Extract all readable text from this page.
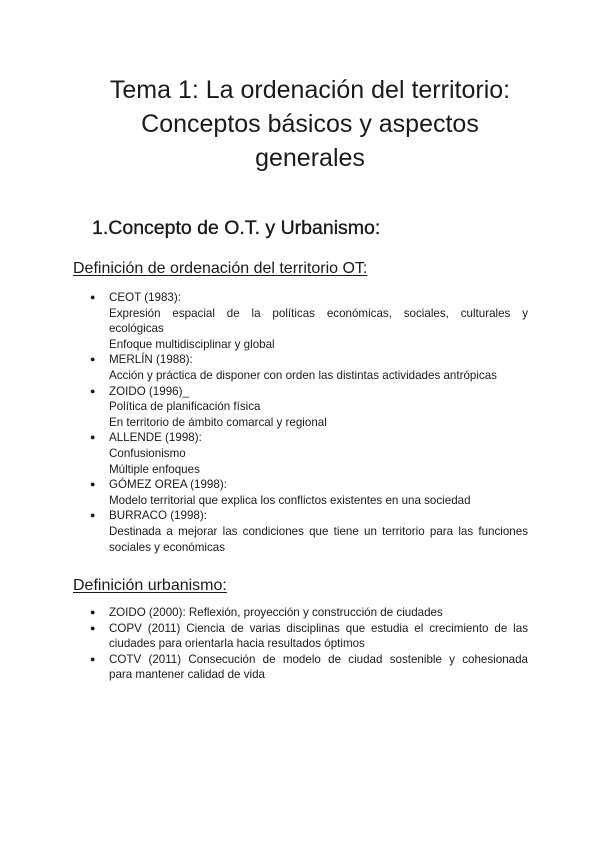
Tema 1: La ordenación del territorio:
Conceptos básicos y aspectos
generales
1.Concepto de O.T. y Urbanismo:
Definición de ordenación del territorio OT:
● CEOT (1983):
Expresión espacial de la políticas económicas, sociales, culturales y
ecológicas
Enfoque multidisciplinar y global
● MERLÍN (1988):
Acción y práctica de disponer con orden las distintas actividades antrópicas
● ZOIDO (1996)_
Política de planificación física
En territorio de ámbito comarcal y regional
● ALLENDE (1998):
Confusionismo
Múltiple enfoques
● GÓMEZ OREA (1998):
Modelo territorial que explica los conflictos existentes en una sociedad
● BURRACO (1998):
Destinada a mejorar las condiciones que tiene un territorio para las funciones
sociales y económicas
Definición urbanismo:
● ZOIDO (2000): Reflexión, proyección y construcción de ciudades
● COPV (2011) Ciencia de varias disciplinas que estudia el crecimiento de las
ciudades para orientarla hacia resultados óptimos
● COTV (2011) Consecución de modelo de ciudad sostenible y cohesionada
para mantener calidad de vida
